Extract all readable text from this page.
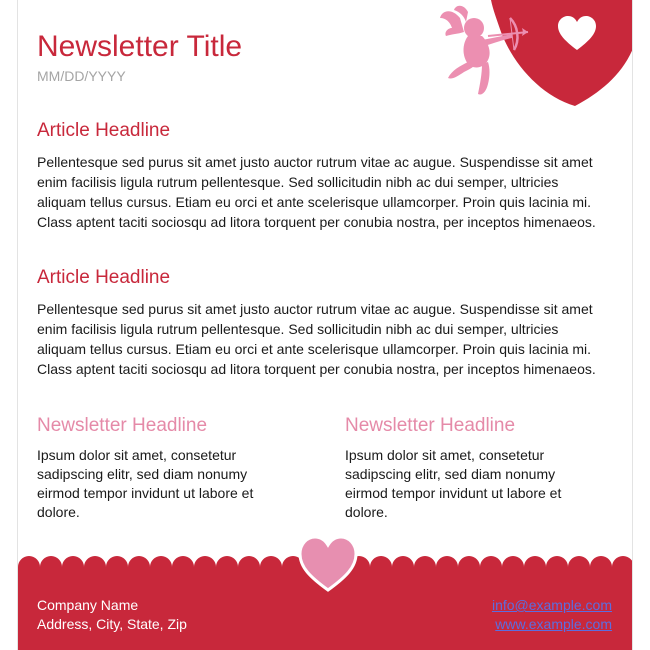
Newsletter Title
MM/DD/YYYY
Article Headline
Pellentesque sed purus sit amet justo auctor rutrum vitae ac augue. Suspendisse sit amet enim facilisis ligula rutrum pellentesque. Sed sollicitudin nibh ac dui semper, ultricies aliquam tellus cursus. Etiam eu orci et ante scelerisque ullamcorper. Proin quis lacinia mi. Class aptent taciti sociosqu ad litora torquent per conubia nostra, per inceptos himenaeos.
Article Headline
Pellentesque sed purus sit amet justo auctor rutrum vitae ac augue. Suspendisse sit amet enim facilisis ligula rutrum pellentesque. Sed sollicitudin nibh ac dui semper, ultricies aliquam tellus cursus. Etiam eu orci et ante scelerisque ullamcorper. Proin quis lacinia mi. Class aptent taciti sociosqu ad litora torquent per conubia nostra, per inceptos himenaeos.
Newsletter Headline
Ipsum dolor sit amet, consetetur sadipscing elitr, sed diam nonumy eirmod tempor invidunt ut labore et dolore.
Newsletter Headline
Ipsum dolor sit amet, consetetur sadipscing elitr, sed diam nonumy eirmod tempor invidunt ut labore et dolore.
Company Name
Address, City, State, Zip
info@example.com
www.example.com
